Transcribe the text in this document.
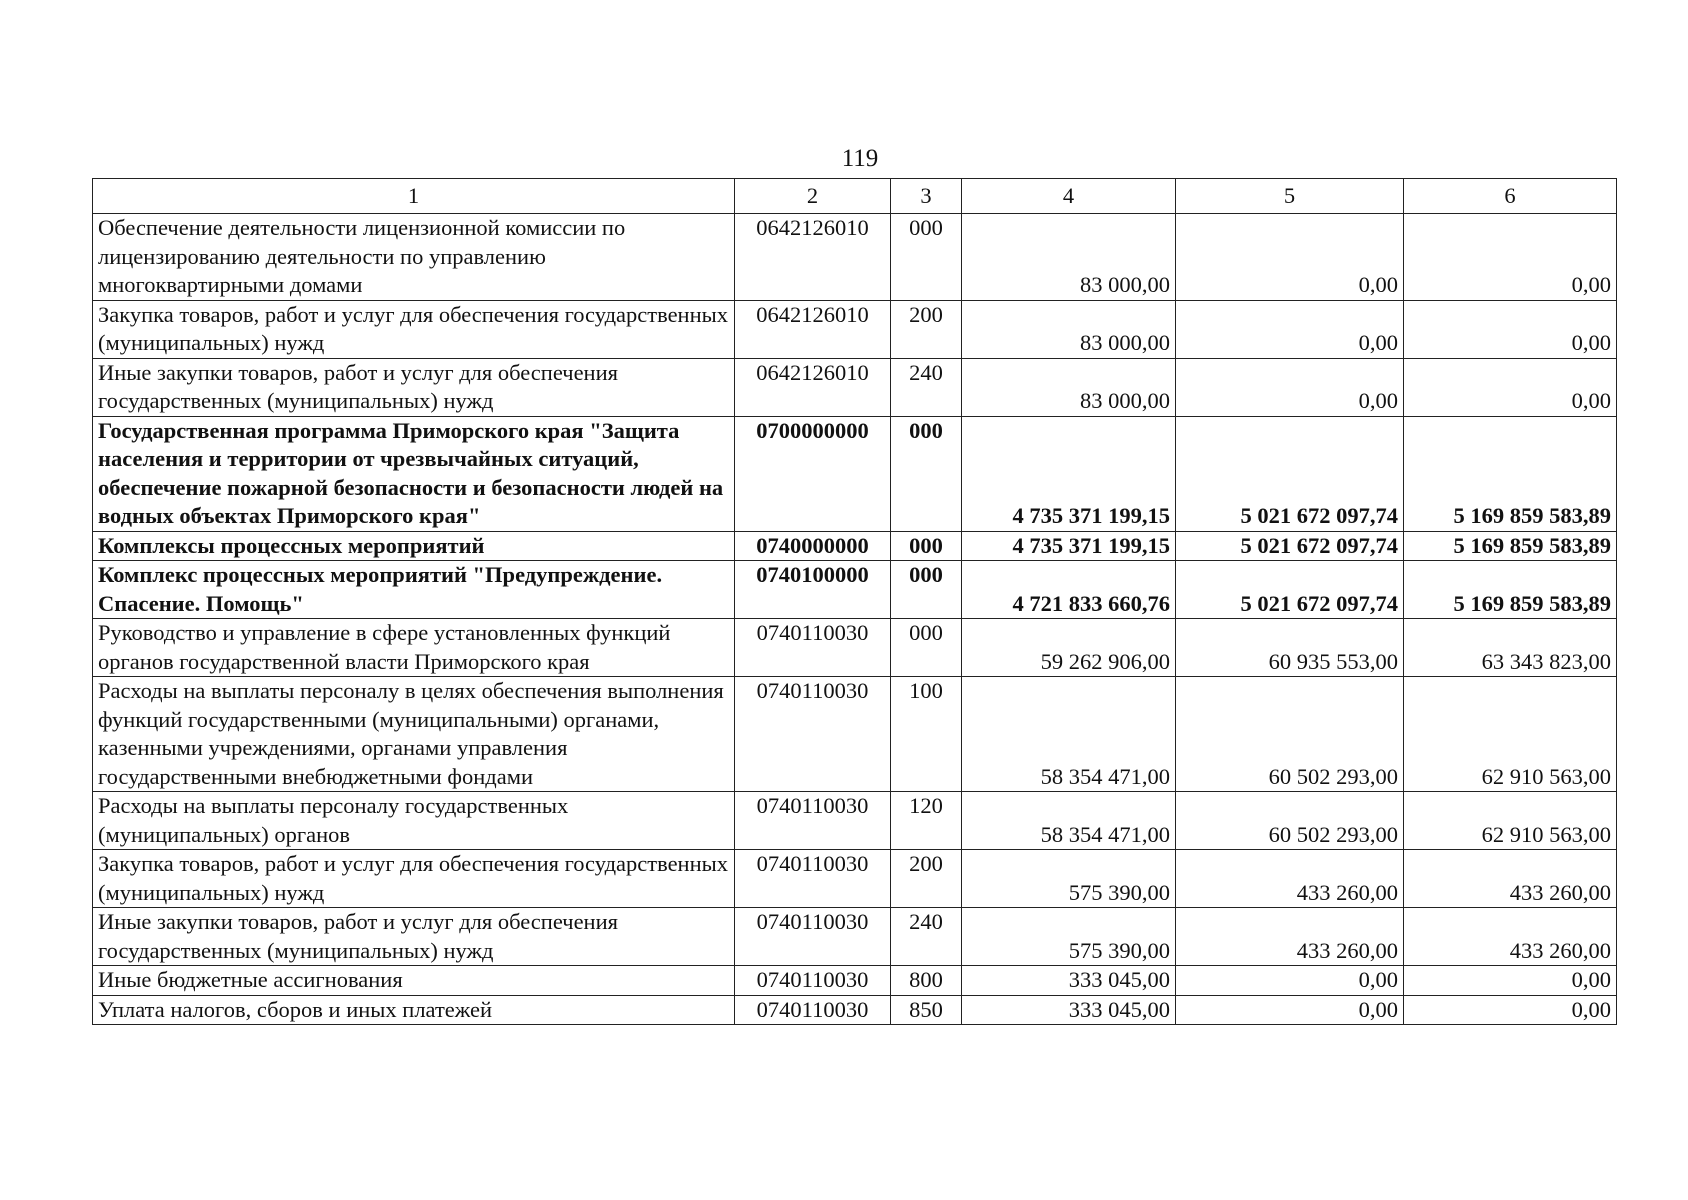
119
1	2	3	4	5	6
Обеспечение деятельности лицензионной комиссии по лицензированию деятельности по управлению многоквартирными домами	0642126010	000	83 000,00	0,00	0,00
Закупка товаров, работ и услуг для обеспечения государственных (муниципальных) нужд	0642126010	200	83 000,00	0,00	0,00
Иные закупки товаров, работ и услуг для обеспечения государственных (муниципальных) нужд	0642126010	240	83 000,00	0,00	0,00
Государственная программа Приморского края "Защита населения и территории от чрезвычайных ситуаций, обеспечение пожарной безопасности и безопасности людей на водных объектах Приморского края"	0700000000	000	4 735 371 199,15	5 021 672 097,74	5 169 859 583,89
Комплексы процессных мероприятий	0740000000	000	4 735 371 199,15	5 021 672 097,74	5 169 859 583,89
Комплекс процессных мероприятий "Предупреждение. Спасение. Помощь"	0740100000	000	4 721 833 660,76	5 021 672 097,74	5 169 859 583,89
Руководство и управление в сфере установленных функций органов государственной власти Приморского края	0740110030	000	59 262 906,00	60 935 553,00	63 343 823,00
Расходы на выплаты персоналу в целях обеспечения выполнения функций государственными (муниципальными) органами, казенными учреждениями, органами управления государственными внебюджетными фондами	0740110030	100	58 354 471,00	60 502 293,00	62 910 563,00
Расходы на выплаты персоналу государственных (муниципальных) органов	0740110030	120	58 354 471,00	60 502 293,00	62 910 563,00
Закупка товаров, работ и услуг для обеспечения государственных (муниципальных) нужд	0740110030	200	575 390,00	433 260,00	433 260,00
Иные закупки товаров, работ и услуг для обеспечения государственных (муниципальных) нужд	0740110030	240	575 390,00	433 260,00	433 260,00
Иные бюджетные ассигнования	0740110030	800	333 045,00	0,00	0,00
Уплата налогов, сборов и иных платежей	0740110030	850	333 045,00	0,00	0,00
